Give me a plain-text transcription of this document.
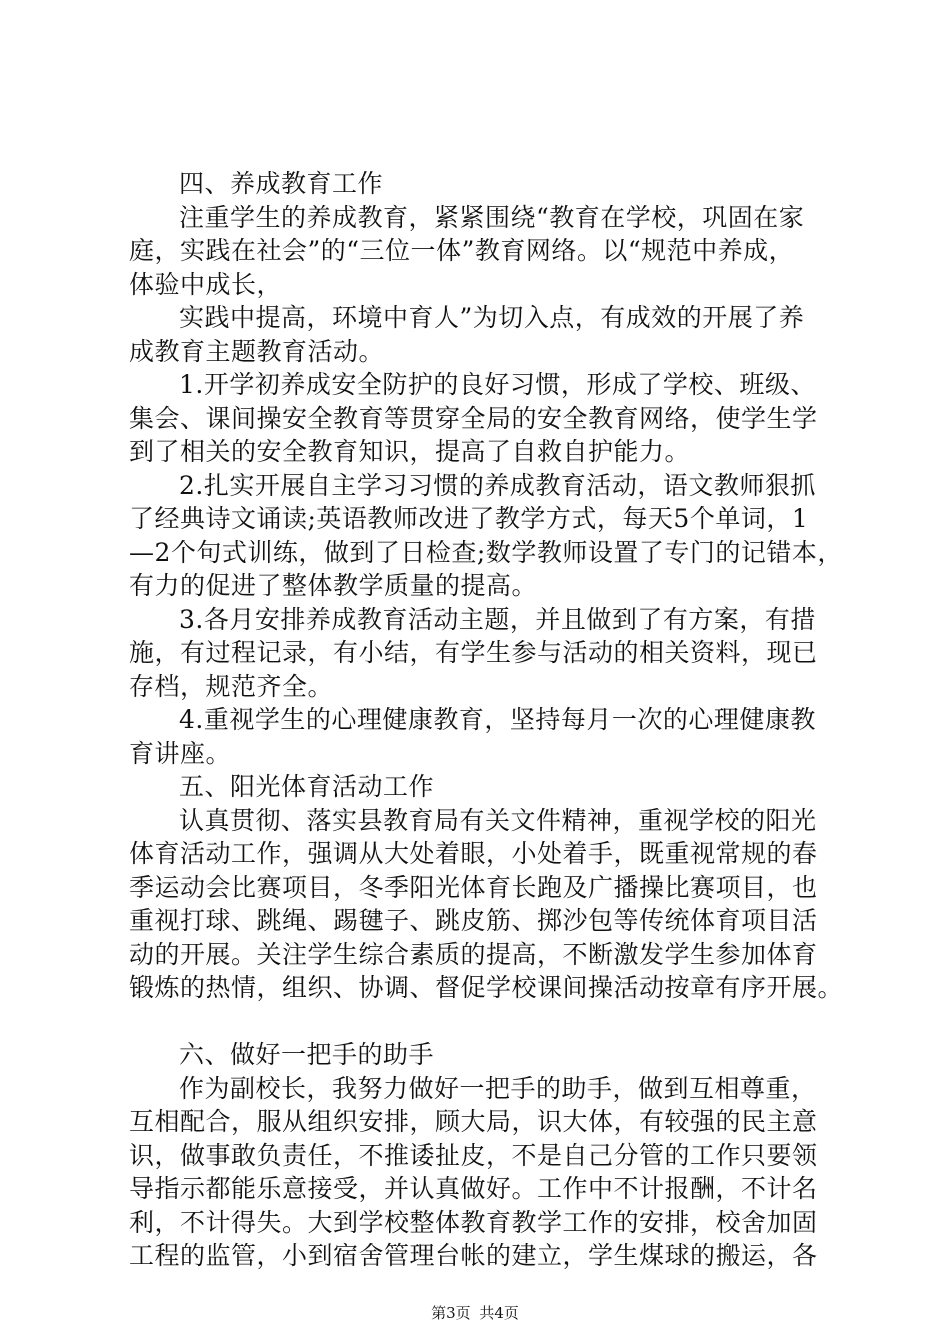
四、养成教育工作
注重学生的养成教育，紧紧围绕“教育在学校，巩固在家
庭，实践在社会”的“三位一体”教育网络。以“规范中养成，
体验中成长，
实践中提高，环境中育人”为切入点，有成效的开展了养
成教育主题教育活动。
1.开学初养成安全防护的良好习惯，形成了学校、班级、
集会、课间操安全教育等贯穿全局的安全教育网络，使学生学
到了相关的安全教育知识，提高了自救自护能力。
2.扎实开展自主学习习惯的养成教育活动，语文教师狠抓
了经典诗文诵读;英语教师改进了教学方式，每天5个单词，1
—2个句式训练，做到了日检查;数学教师设置了专门的记错本，
有力的促进了整体教学质量的提高。
3.各月安排养成教育活动主题，并且做到了有方案，有措
施，有过程记录，有小结，有学生参与活动的相关资料，现已
存档，规范齐全。
4.重视学生的心理健康教育，坚持每月一次的心理健康教
育讲座。
五、阳光体育活动工作
认真贯彻、落实县教育局有关文件精神，重视学校的阳光
体育活动工作，强调从大处着眼，小处着手，既重视常规的春
季运动会比赛项目，冬季阳光体育长跑及广播操比赛项目，也
重视打球、跳绳、踢毽子、跳皮筋、掷沙包等传统体育项目活
动的开展。关注学生综合素质的提高，不断激发学生参加体育
锻炼的热情，组织、协调、督促学校课间操活动按章有序开展。
六、做好一把手的助手
作为副校长，我努力做好一把手的助手，做到互相尊重，
互相配合，服从组织安排，顾大局，识大体，有较强的民主意
识，做事敢负责任，不推诿扯皮，不是自己分管的工作只要领
导指示都能乐意接受，并认真做好。工作中不计报酬，不计名
利，不计得失。大到学校整体教育教学工作的安排，校舍加固
工程的监管，小到宿舍管理台帐的建立，学生煤球的搬运，各
第3页 共4页
